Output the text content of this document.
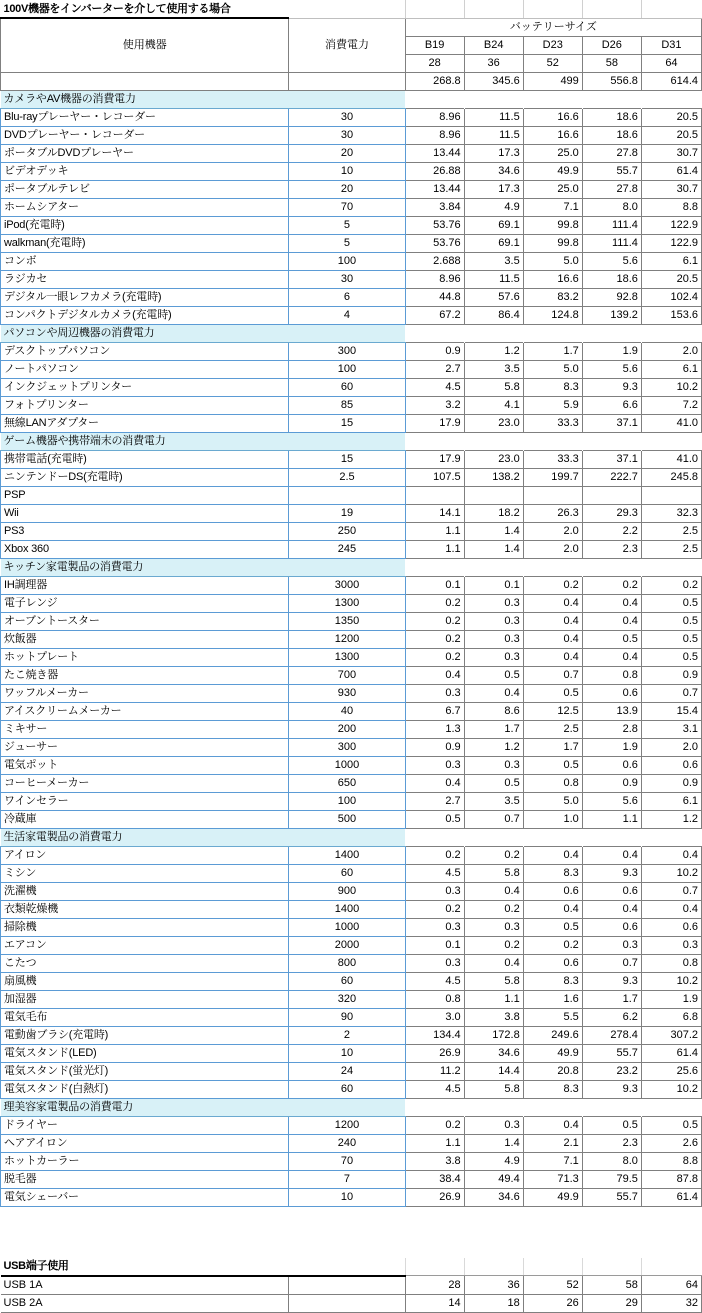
100V機器をインバーターを介して使用する場合						
使用機器	消費電力	バッテリーサイズ				
		B19	B24	D23	D26	D31
		28	36	52	58	64
		268.8	345.6	499	556.8	614.4
カメラやAV機器の消費電力						
Blu-rayプレーヤー・レコーダー	30	8.96	11.5	16.6	18.6	20.5
DVDプレーヤー・レコーダー	30	8.96	11.5	16.6	18.6	20.5
ポータブルDVDプレーヤー	20	13.44	17.3	25.0	27.8	30.7
ビデオデッキ	10	26.88	34.6	49.9	55.7	61.4
ポータブルテレビ	20	13.44	17.3	25.0	27.8	30.7
ホームシアター	70	3.84	4.9	7.1	8.0	8.8
iPod(充電時)	5	53.76	69.1	99.8	111.4	122.9
walkman(充電時)	5	53.76	69.1	99.8	111.4	122.9
コンボ	100	2.688	3.5	5.0	5.6	6.1
ラジカセ	30	8.96	11.5	16.6	18.6	20.5
デジタル一眼レフカメラ(充電時)	6	44.8	57.6	83.2	92.8	102.4
コンパクトデジタルカメラ(充電時)	4	67.2	86.4	124.8	139.2	153.6
パソコンや周辺機器の消費電力						
デスクトップパソコン	300	0.9	1.2	1.7	1.9	2.0
ノートパソコン	100	2.7	3.5	5.0	5.6	6.1
インクジェットプリンター	60	4.5	5.8	8.3	9.3	10.2
フォトプリンター	85	3.2	4.1	5.9	6.6	7.2
無線LANアダプター	15	17.9	23.0	33.3	37.1	41.0
ゲーム機器や携帯端末の消費電力						
携帯電話(充電時)	15	17.9	23.0	33.3	37.1	41.0
ニンテンドーDS(充電時)	2.5	107.5	138.2	199.7	222.7	245.8
PSP						
Wii	19	14.1	18.2	26.3	29.3	32.3
PS3	250	1.1	1.4	2.0	2.2	2.5
Xbox 360	245	1.1	1.4	2.0	2.3	2.5
キッチン家電製品の消費電力						
IH調理器	3000	0.1	0.1	0.2	0.2	0.2
電子レンジ	1300	0.2	0.3	0.4	0.4	0.5
オーブントースター	1350	0.2	0.3	0.4	0.4	0.5
炊飯器	1200	0.2	0.3	0.4	0.5	0.5
ホットプレート	1300	0.2	0.3	0.4	0.4	0.5
たこ焼き器	700	0.4	0.5	0.7	0.8	0.9
ワッフルメーカー	930	0.3	0.4	0.5	0.6	0.7
アイスクリームメーカー	40	6.7	8.6	12.5	13.9	15.4
ミキサー	200	1.3	1.7	2.5	2.8	3.1
ジューサー	300	0.9	1.2	1.7	1.9	2.0
電気ポット	1000	0.3	0.3	0.5	0.6	0.6
コーヒーメーカー	650	0.4	0.5	0.8	0.9	0.9
ワインセラー	100	2.7	3.5	5.0	5.6	6.1
冷蔵庫	500	0.5	0.7	1.0	1.1	1.2
生活家電製品の消費電力						
アイロン	1400	0.2	0.2	0.4	0.4	0.4
ミシン	60	4.5	5.8	8.3	9.3	10.2
洗濯機	900	0.3	0.4	0.6	0.6	0.7
衣類乾燥機	1400	0.2	0.2	0.4	0.4	0.4
掃除機	1000	0.3	0.3	0.5	0.6	0.6
エアコン	2000	0.1	0.2	0.2	0.3	0.3
こたつ	800	0.3	0.4	0.6	0.7	0.8
扇風機	60	4.5	5.8	8.3	9.3	10.2
加湿器	320	0.8	1.1	1.6	1.7	1.9
電気毛布	90	3.0	3.8	5.5	6.2	6.8
電動歯ブラシ(充電時)	2	134.4	172.8	249.6	278.4	307.2
電気スタンド(LED)	10	26.9	34.6	49.9	55.7	61.4
電気スタンド(蛍光灯)	24	11.2	14.4	20.8	23.2	25.6
電気スタンド(白熱灯)	60	4.5	5.8	8.3	9.3	10.2
理美容家電製品の消費電力						
ドライヤー	1200	0.2	0.3	0.4	0.5	0.5
ヘアアイロン	240	1.1	1.4	2.1	2.3	2.6
ホットカーラー	70	3.8	4.9	7.1	8.0	8.8
脱毛器	7	38.4	49.4	71.3	79.5	87.8
電気シェーバー	10	26.9	34.6	49.9	55.7	61.4

USB端子使用						
USB 1A		28	36	52	58	64
USB 2A		14	18	26	29	32
